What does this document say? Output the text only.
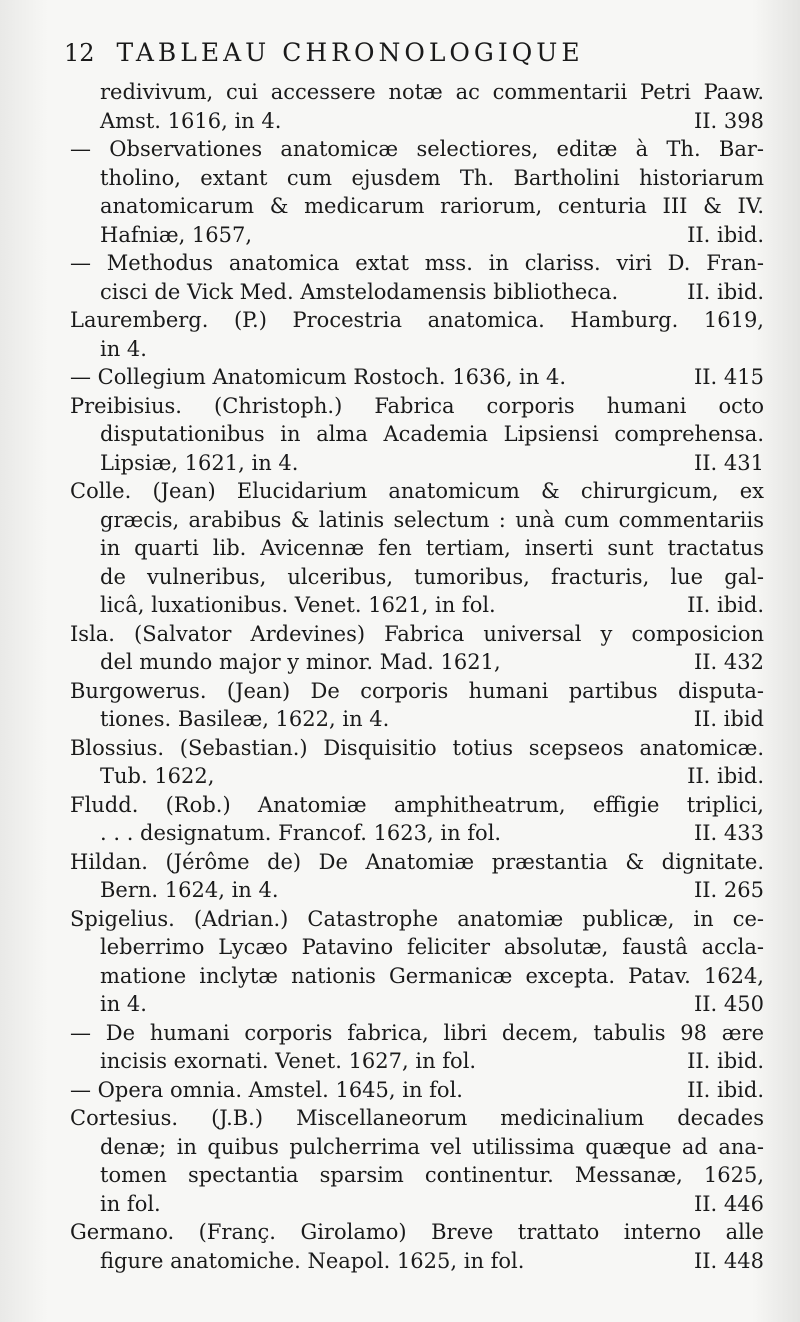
12 TABLEAU CHRONOLOGIQUE
redivivum, cui accessere notæ ac commentarii Petri Paaw.
Amst. 1616, in 4.	II. 398
— Observationes anatomicæ selectiores, editæ à Th. Bar-
tholino, extant cum ejusdem Th. Bartholini historiarum
anatomicarum & medicarum rariorum, centuria III & IV.
Hafniæ, 1657,	II. ibid.
— Methodus anatomica extat mss. in clariss. viri D. Fran-
cisci de Vick Med. Amstelodamensis bibliotheca.	II. ibid.
Lauremberg. (P.) Procestria anatomica. Hamburg. 1619,
in 4.
— Collegium Anatomicum Rostoch. 1636, in 4.	II. 415
Preibisius. (Christoph.) Fabrica corporis humani octo
disputationibus in alma Academia Lipsiensi comprehensa.
Lipsiæ, 1621, in 4.	II. 431
Colle. (Jean) Elucidarium anatomicum & chirurgicum, ex
græcis, arabibus & latinis selectum : unà cum commentariis
in quarti lib. Avicennæ fen tertiam, inserti sunt tractatus
de vulneribus, ulceribus, tumoribus, fracturis, lue gal-
licâ, luxationibus. Venet. 1621, in fol.	II. ibid.
Isla. (Salvator Ardevines) Fabrica universal y composicion
del mundo major y minor. Mad. 1621,	II. 432
Burgowerus. (Jean) De corporis humani partibus disputa-
tiones. Basileæ, 1622, in 4.	II. ibid
Blossius. (Sebastian.) Disquisitio totius scepseos anatomicæ.
Tub. 1622,	II. ibid.
Fludd. (Rob.) Anatomiæ amphitheatrum, effigie triplici,
. . . designatum. Francof. 1623, in fol.	II. 433
Hildan. (Jérôme de) De Anatomiæ præstantia & dignitate.
Bern. 1624, in 4.	II. 265
Spigelius. (Adrian.) Catastrophe anatomiæ publicæ, in ce-
leberrimo Lycæo Patavino feliciter absolutæ, faustâ accla-
matione inclytæ nationis Germanicæ excepta. Patav. 1624,
in 4.	II. 450
— De humani corporis fabrica, libri decem, tabulis 98 ære
incisis exornati. Venet. 1627, in fol.	II. ibid.
— Opera omnia. Amstel. 1645, in fol.	II. ibid.
Cortesius. (J.B.) Miscellaneorum medicinalium decades
denæ; in quibus pulcherrima vel utilissima quæque ad ana-
tomen spectantia sparsim continentur. Messanæ, 1625,
in fol.	II. 446
Germano. (Franç. Girolamo) Breve trattato interno alle
figure anatomiche. Neapol. 1625, in fol.	II. 448
